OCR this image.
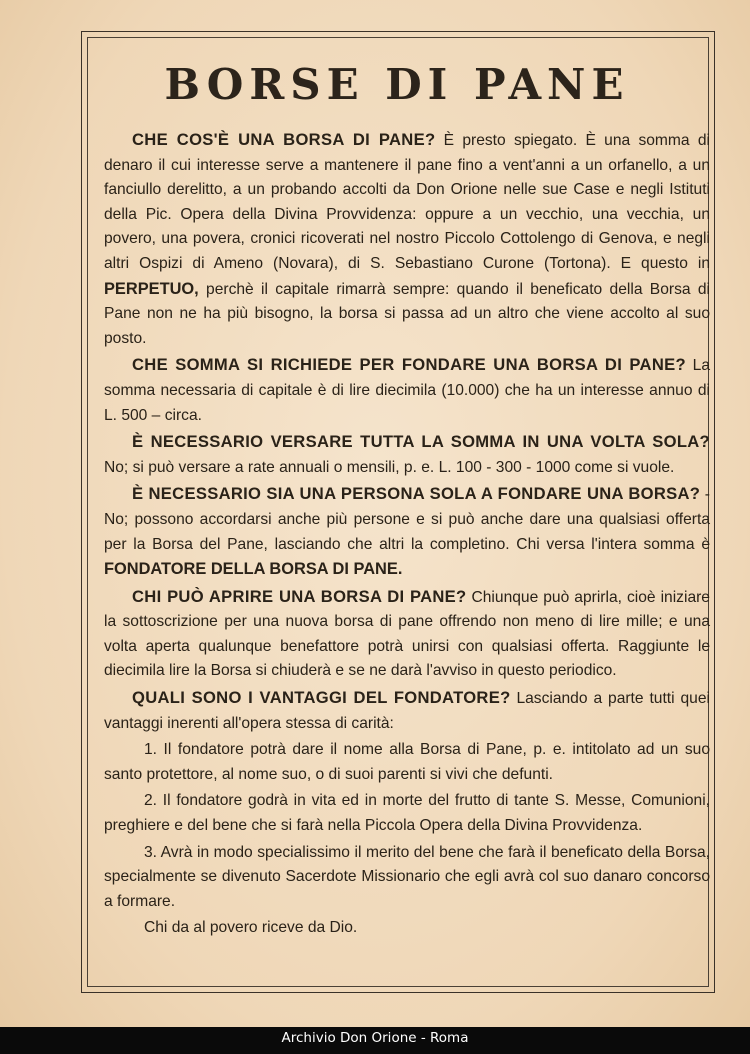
BORSE DI PANE

CHE COS'È UNA BORSA DI PANE? È presto spiegato. È una somma di denaro il cui interesse serve a mantenere il pane fino a vent'anni a un orfanello, a un fanciullo derelitto, a un probando accolti da Don Orione nelle sue Case e negli Istituti della Pic. Opera della Divina Provvidenza: oppure a un vecchio, una vecchia, un povero, una povera, cronici ricoverati nel nostro Piccolo Cottolengo di Genova, e negli altri Ospizi di Ameno (Novara), di S. Sebastiano Curone (Tortona). E questo in PERPETUO, perchè il capitale rimarrà sempre: quando il beneficato della Borsa di Pane non ne ha più bisogno, la borsa si passa ad un altro che viene accolto al suo posto.

CHE SOMMA SI RICHIEDE PER FONDARE UNA BORSA DI PANE? La somma necessaria di capitale è di lire diecimila (10.000) che ha un interesse annuo di L. 500 – circa.

È NECESSARIO VERSARE TUTTA LA SOMMA IN UNA VOLTA SOLA? No; si può versare a rate annuali o mensili, p. e. L. 100 - 300 - 1000 come si vuole.

È NECESSARIO SIA UNA PERSONA SOLA A FONDARE UNA BORSA? - No; possono accordarsi anche più persone e si può anche dare una qualsiasi offerta per la Borsa del Pane, lasciando che altri la completino. Chi versa l'intera somma è FONDATORE DELLA BORSA DI PANE.

CHI PUÒ APRIRE UNA BORSA DI PANE? Chiunque può aprirla, cioè iniziare la sottoscrizione per una nuova borsa di pane offrendo non meno di lire mille; e una volta aperta qualunque benefattore potrà unirsi con qualsiasi offerta. Raggiunte le diecimila lire la Borsa si chiuderà e se ne darà l'avviso in questo periodico.

QUALI SONO I VANTAGGI DEL FONDATORE? Lasciando a parte tutti quei vantaggi inerenti all'opera stessa di carità:

1. Il fondatore potrà dare il nome alla Borsa di Pane, p. e. intitolato ad un suo santo protettore, al nome suo, o di suoi parenti si vivi che defunti.

2. Il fondatore godrà in vita ed in morte del frutto di tante S. Messe, Comunioni, preghiere e del bene che si farà nella Piccola Opera della Divina Provvidenza.

3. Avrà in modo specialissimo il merito del bene che farà il beneficato della Borsa, specialmente se divenuto Sacerdote Missionario che egli avrà col suo danaro concorso a formare.

Chi da al povero riceve da Dio.

Archivio Don Orione - Roma
